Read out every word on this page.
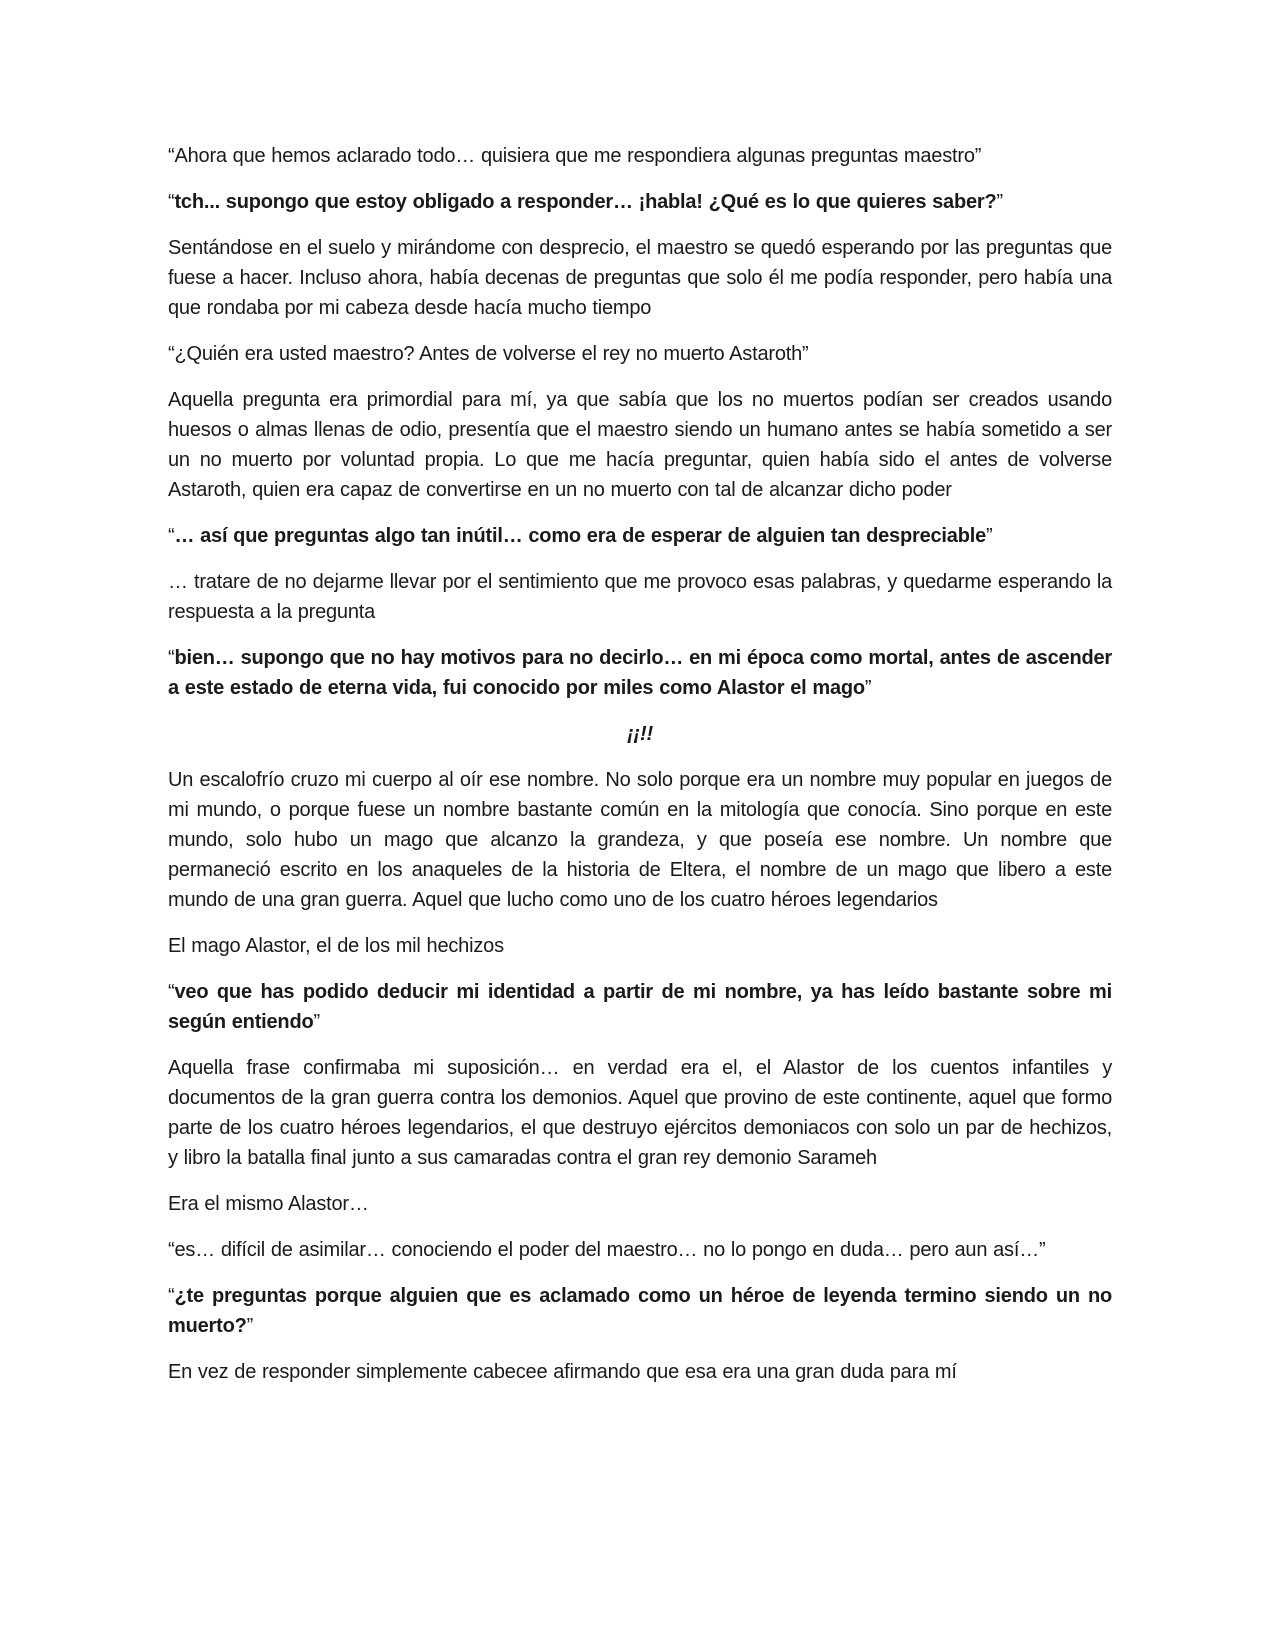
“Ahora que hemos aclarado todo… quisiera que me respondiera algunas preguntas maestro”

“tch... supongo que estoy obligado a responder… ¡habla! ¿Qué es lo que quieres saber?”

Sentándose en el suelo y mirándome con desprecio, el maestro se quedó esperando por las preguntas que fuese a hacer. Incluso ahora, había decenas de preguntas que solo él me podía responder, pero había una que rondaba por mi cabeza desde hacía mucho tiempo

“¿Quién era usted maestro? Antes de volverse el rey no muerto Astaroth”

Aquella pregunta era primordial para mí, ya que sabía que los no muertos podían ser creados usando huesos o almas llenas de odio, presentía que el maestro siendo un humano antes se había sometido a ser un no muerto por voluntad propia. Lo que me hacía preguntar, quien había sido el antes de volverse Astaroth, quien era capaz de convertirse en un no muerto con tal de alcanzar dicho poder

“… así que preguntas algo tan inútil… como era de esperar de alguien tan despreciable”

… tratare de no dejarme llevar por el sentimiento que me provoco esas palabras, y quedarme esperando la respuesta a la pregunta

“bien… supongo que no hay motivos para no decirlo… en mi época como mortal, antes de ascender a este estado de eterna vida, fui conocido por miles como Alastor el mago”

¡¡!!

Un escalofrío cruzo mi cuerpo al oír ese nombre. No solo porque era un nombre muy popular en juegos de mi mundo, o porque fuese un nombre bastante común en la mitología que conocía. Sino porque en este mundo, solo hubo un mago que alcanzo la grandeza, y que poseía ese nombre. Un nombre que permaneció escrito en los anaqueles de la historia de Eltera, el nombre de un mago que libero a este mundo de una gran guerra. Aquel que lucho como uno de los cuatro héroes legendarios

El mago Alastor, el de los mil hechizos

“veo que has podido deducir mi identidad a partir de mi nombre, ya has leído bastante sobre mi según entiendo”

Aquella frase confirmaba mi suposición… en verdad era el, el Alastor de los cuentos infantiles y documentos de la gran guerra contra los demonios. Aquel que provino de este continente, aquel que formo parte de los cuatro héroes legendarios, el que destruyo ejércitos demoniacos con solo un par de hechizos, y libro la batalla final junto a sus camaradas contra el gran rey demonio Sarameh

Era el mismo Alastor…

“es… difícil de asimilar… conociendo el poder del maestro… no lo pongo en duda… pero aun así…”

“¿te preguntas porque alguien que es aclamado como un héroe de leyenda termino siendo un no muerto?”

En vez de responder simplemente cabecee afirmando que esa era una gran duda para mí
